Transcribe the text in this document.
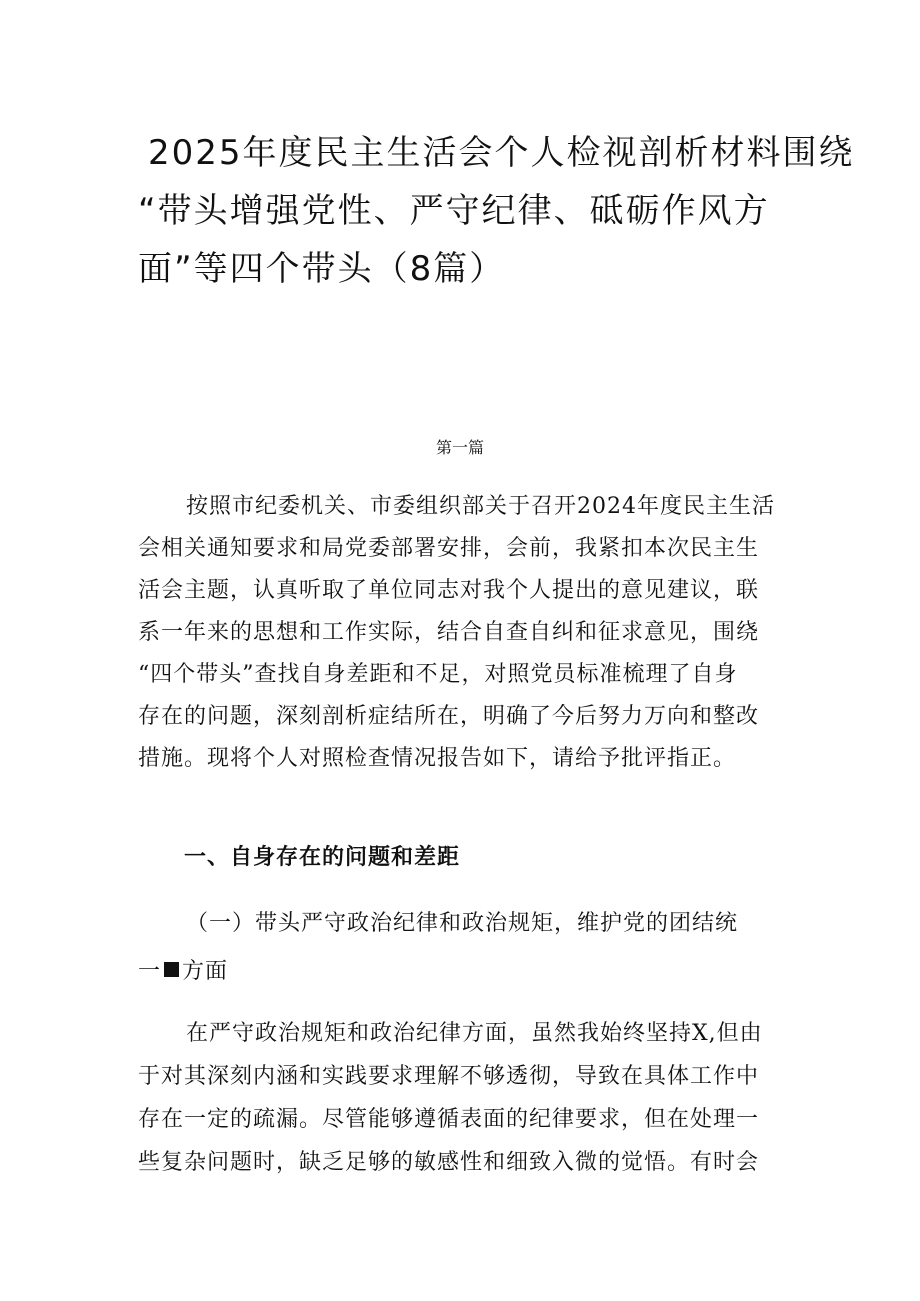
2025年度民主生活会个人检视剖析材料围绕
“带头增强党性、严守纪律、砥砺作风方
面”等四个带头（8篇）

第一篇

按照市纪委机关、市委组织部关于召开2024年度民主生活
会相关通知要求和局党委部署安排，会前，我紧扣本次民主生
活会主题，认真听取了单位同志对我个人提出的意见建议，联
系一年来的思想和工作实际，结合自查自纠和征求意见，围绕
“四个带头”查找自身差距和不足，对照党员标准梳理了自身
存在的问题，深刻剖析症结所在，明确了今后努力万向和整改
措施。现将个人对照检查情况报告如下，请给予批评指正。

一、自身存在的问题和差距

（一）带头严守政治纪律和政治规矩，维护党的团结统
一 方面

在严守政治规矩和政治纪律方面，虽然我始终坚持X,但由
于对其深刻内涵和实践要求理解不够透彻，导致在具体工作中
存在一定的疏漏。尽管能够遵循表面的纪律要求，但在处理一
些复杂问题时，缺乏足够的敏感性和细致入微的觉悟。有时会
